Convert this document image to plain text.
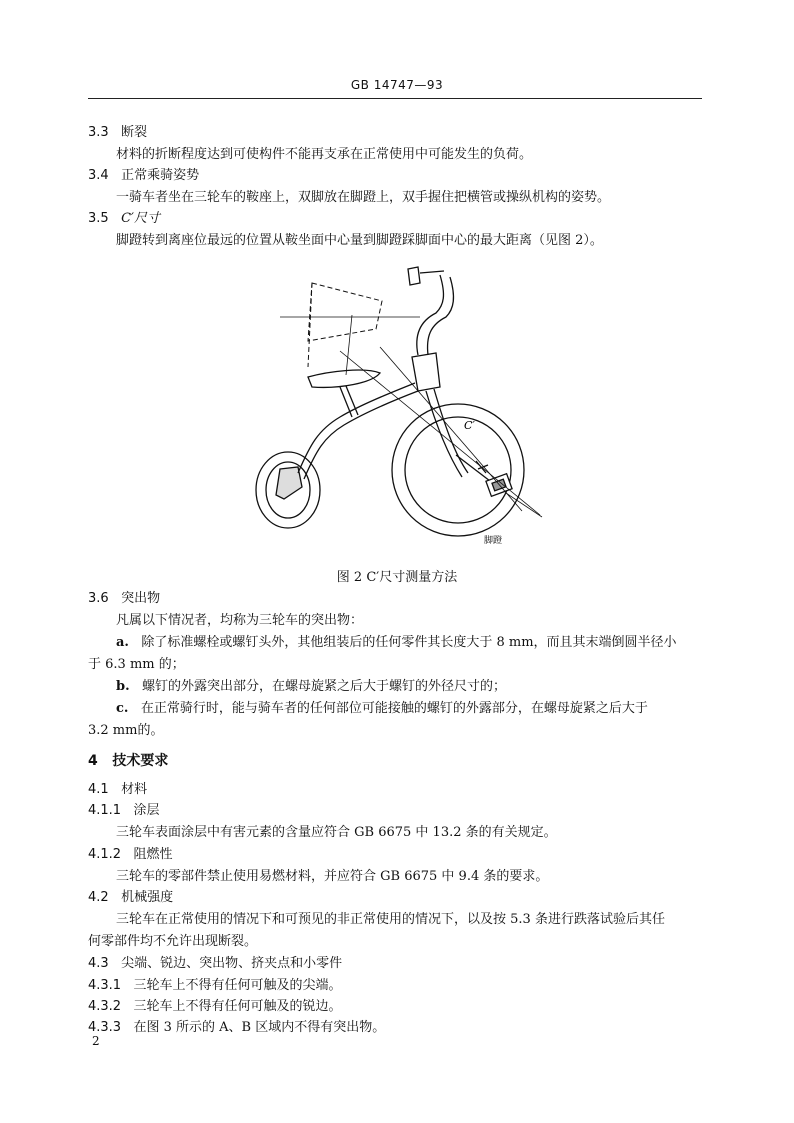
GB 14747—93
3.3 断裂
材料的折断程度达到可使构件不能再支承在正常使用中可能发生的负荷。
3.4 正常乘骑姿势
一骑车者坐在三轮车的鞍座上，双脚放在脚蹬上，双手握住把横管或操纵机构的姿势。
3.5 C′尺寸
脚蹬转到离座位最远的位置从鞍坐面中心量到脚蹬踩脚面中心的最大距离（见图 2）。
C′
脚蹬
图 2 C′尺寸测量方法
3.6 突出物
凡属以下情况者，均称为三轮车的突出物：
a. 除了标准螺栓或螺钉头外，其他组装后的任何零件其长度大于 8 mm，而且其末端倒圆半径小
于 6.3 mm 的；
b. 螺钉的外露突出部分，在螺母旋紧之后大于螺钉的外径尺寸的；
c. 在正常骑行时，能与骑车者的任何部位可能接触的螺钉的外露部分，在螺母旋紧之后大于
3.2 mm的。
4 技术要求
4.1 材料
4.1.1 涂层
三轮车表面涂层中有害元素的含量应符合 GB 6675 中 13.2 条的有关规定。
4.1.2 阻燃性
三轮车的零部件禁止使用易燃材料，并应符合 GB 6675 中 9.4 条的要求。
4.2 机械强度
三轮车在正常使用的情况下和可预见的非正常使用的情况下，以及按 5.3 条进行跌落试验后其任
何零部件均不允许出现断裂。
4.3 尖端、锐边、突出物、挤夹点和小零件
4.3.1 三轮车上不得有任何可触及的尖端。
4.3.2 三轮车上不得有任何可触及的锐边。
4.3.3 在图 3 所示的 A、B 区域内不得有突出物。
2
